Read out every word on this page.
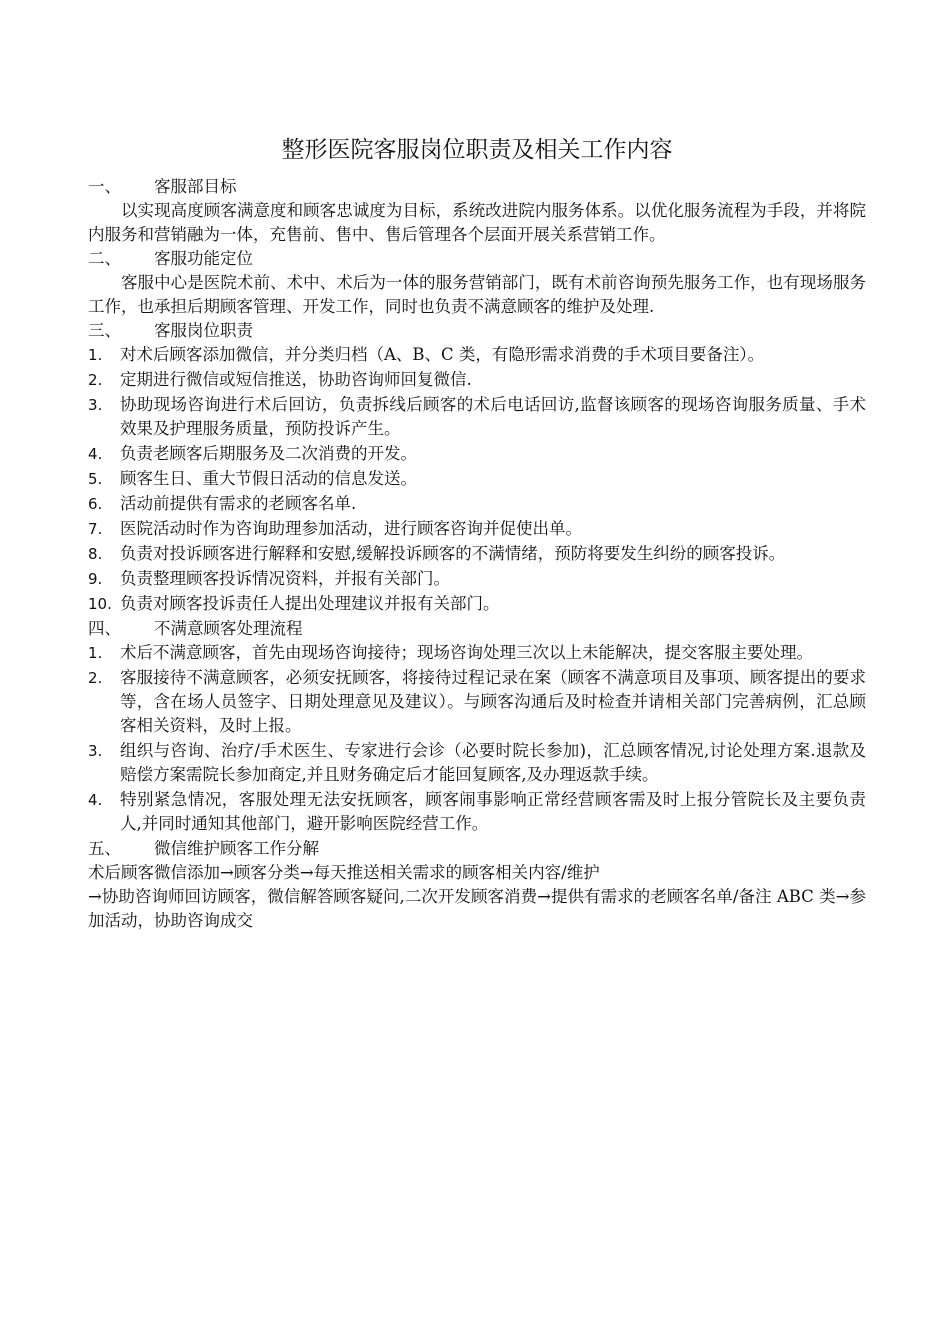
整形医院客服岗位职责及相关工作内容
一、	客服部目标

以实现高度顾客满意度和顾客忠诚度为目标，系统改进院内服务体系。以优化服务流程为手段，并将院内服务和营销融为一体，充售前、售中、售后管理各个层面开展关系营销工作。

二、	客服功能定位

客服中心是医院术前、术中、术后为一体的服务营销部门，既有术前咨询预先服务工作，也有现场服务工作，也承担后期顾客管理、开发工作，同时也负责不满意顾客的维护及处理.

三、	客服岗位职责
1.	对术后顾客添加微信，并分类归档（A、B、C 类，有隐形需求消费的手术项目要备注）。
2.	定期进行微信或短信推送，协助咨询师回复微信.
3.	协助现场咨询进行术后回访，负责拆线后顾客的术后电话回访,监督该顾客的现场咨询服务质量、手术效果及护理服务质量，预防投诉产生。
4.	负责老顾客后期服务及二次消费的开发。
5.	顾客生日、重大节假日活动的信息发送。
6.	活动前提供有需求的老顾客名单.
7.	医院活动时作为咨询助理参加活动，进行顾客咨询并促使出单。
8.	负责对投诉顾客进行解释和安慰,缓解投诉顾客的不满情绪，预防将要发生纠纷的顾客投诉。
9.	负责整理顾客投诉情况资料，并报有关部门。
10. 负责对顾客投诉责任人提出处理建议并报有关部门。
四、	不满意顾客处理流程
1.	术后不满意顾客，首先由现场咨询接待；现场咨询处理三次以上未能解决，提交客服主要处理。
2.	客服接待不满意顾客，必须安抚顾客，将接待过程记录在案（顾客不满意项目及事项、顾客提出的要求等，含在场人员签字、日期处理意见及建议）。与顾客沟通后及时检查并请相关部门完善病例，汇总顾客相关资料，及时上报。
3.	组织与咨询、治疗/手术医生、专家进行会诊（必要时院长参加)，汇总顾客情况,讨论处理方案.退款及赔偿方案需院长参加商定,并且财务确定后才能回复顾客,及办理返款手续。
4.	特别紧急情况，客服处理无法安抚顾客，顾客闹事影响正常经营顾客需及时上报分管院长及主要负责人,并同时通知其他部门，避开影响医院经营工作。
五、	微信维护顾客工作分解

术后顾客微信添加→顾客分类→每天推送相关需求的顾客相关内容/维护

→协助咨询师回访顾客，微信解答顾客疑问,二次开发顾客消费→提供有需求的老顾客名单/备注 ABC 类→参加活动，协助咨询成交
